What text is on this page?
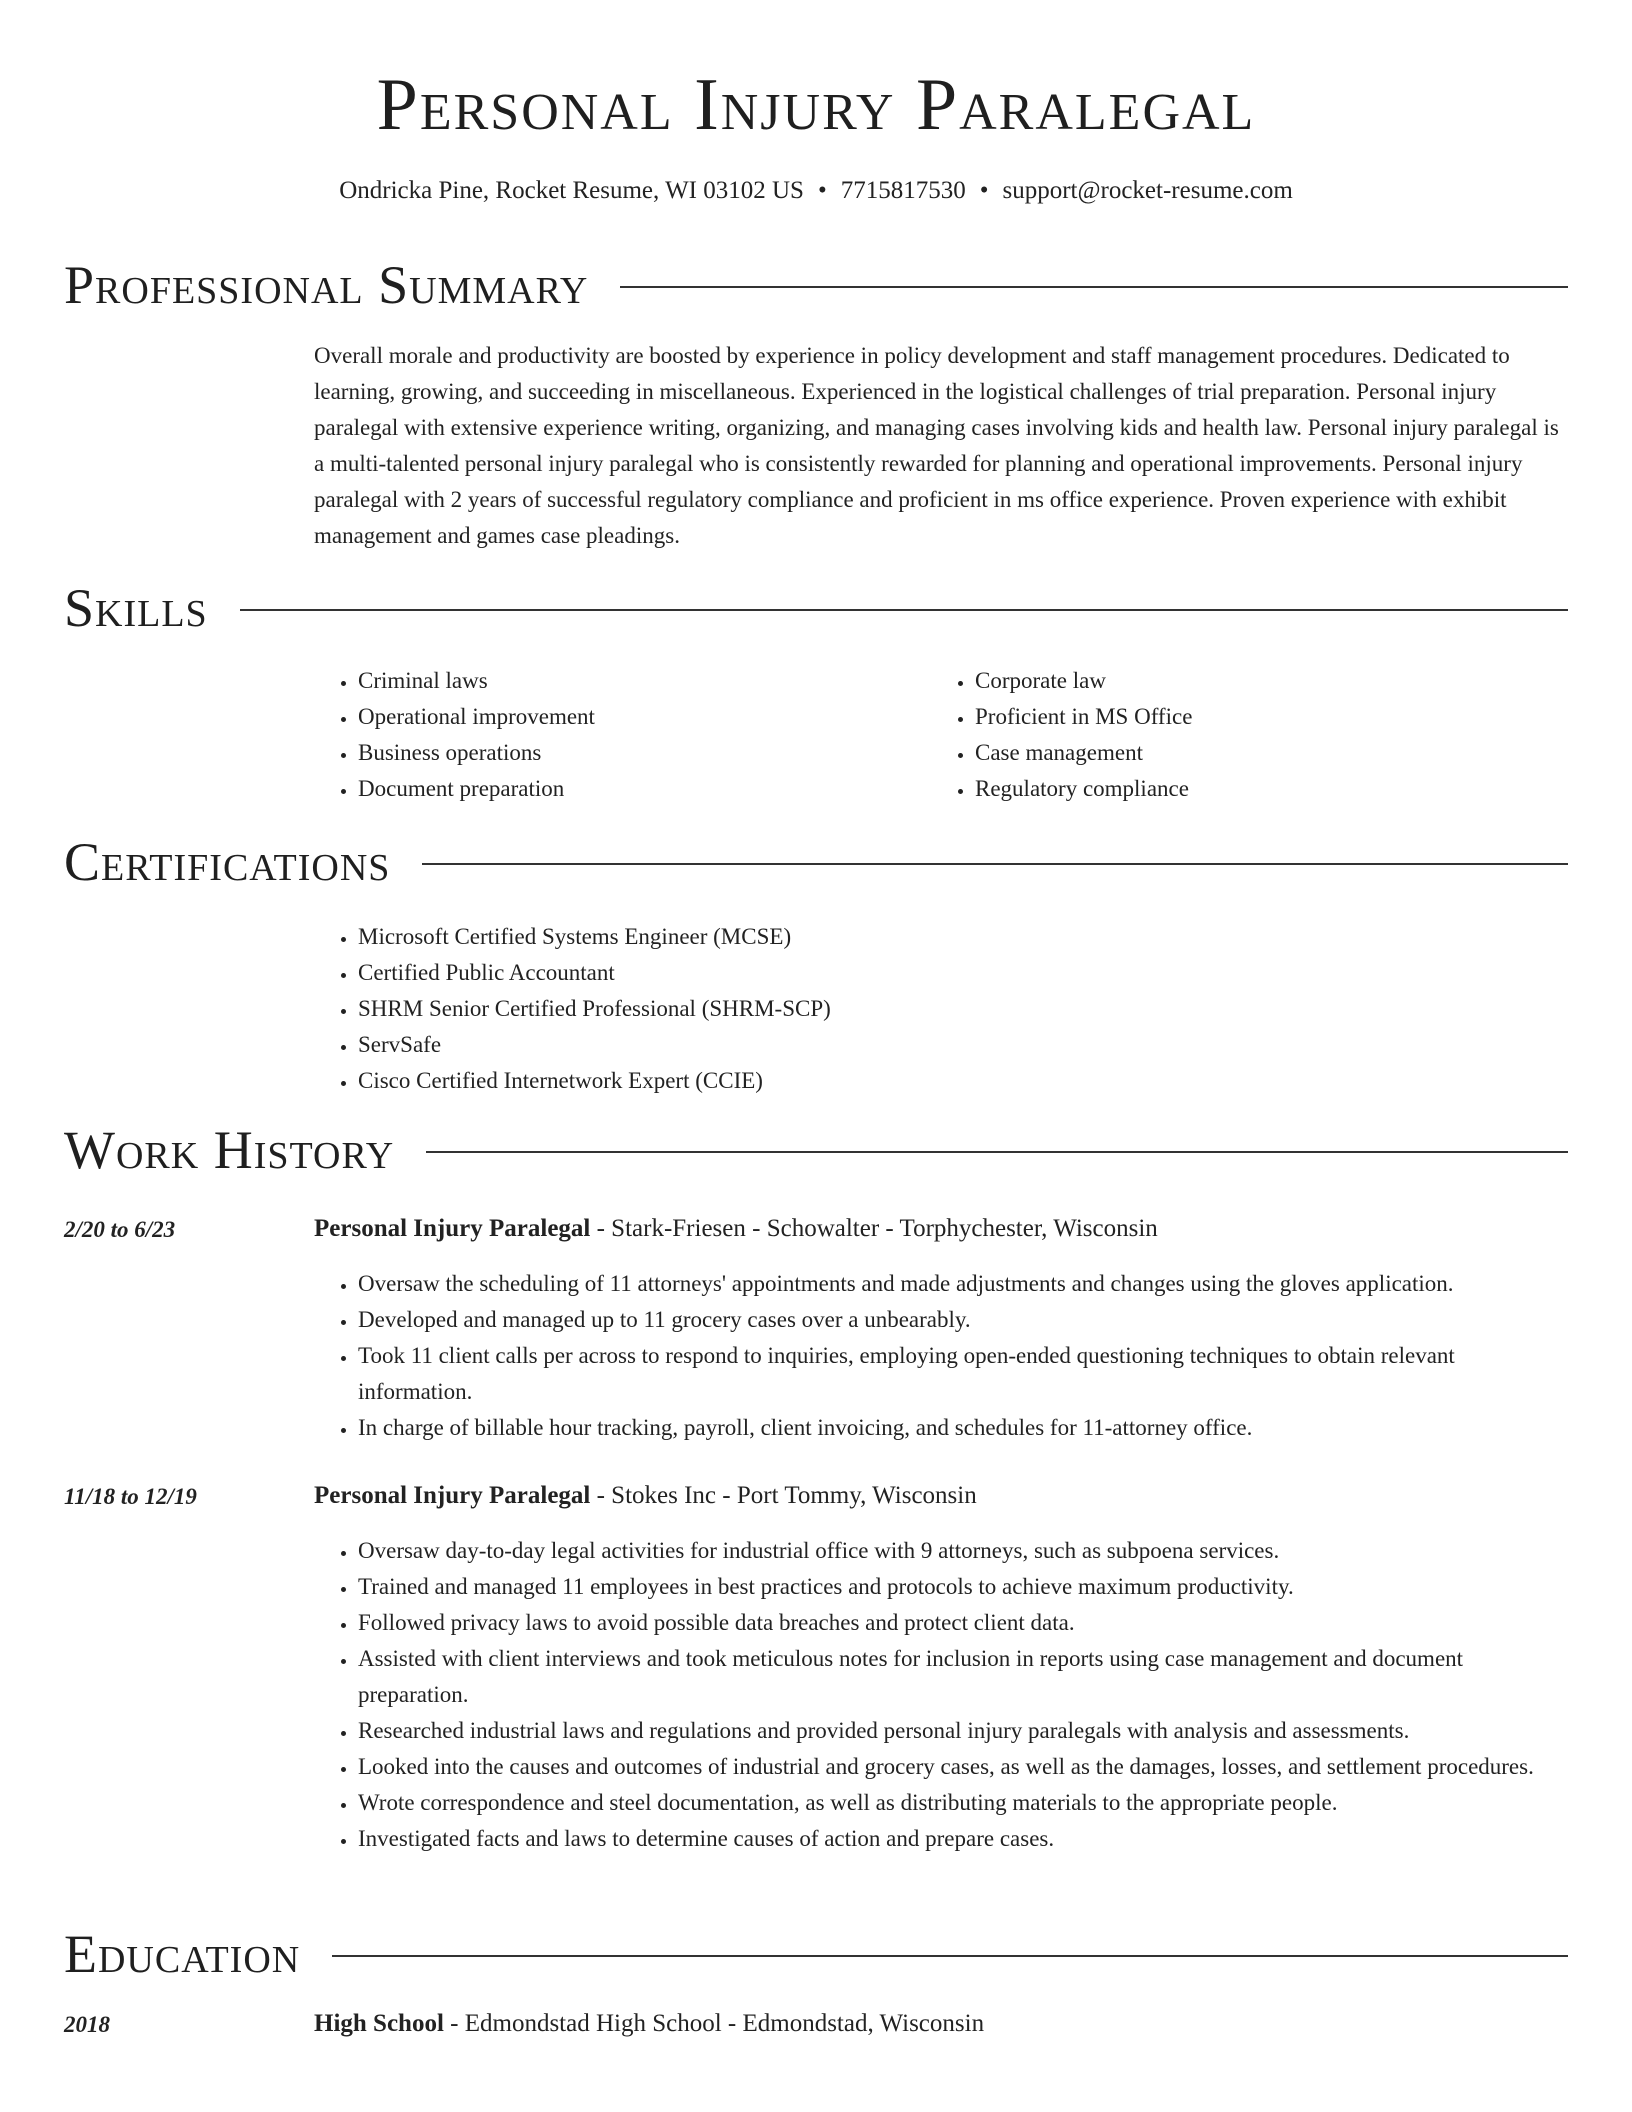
Personal Injury Paralegal
Ondricka Pine, Rocket Resume, WI 03102 US • 7715817530 • support@rocket-resume.com
Professional Summary
Overall morale and productivity are boosted by experience in policy development and staff management procedures. Dedicated to learning, growing, and succeeding in miscellaneous. Experienced in the logistical challenges of trial preparation. Personal injury paralegal with extensive experience writing, organizing, and managing cases involving kids and health law. Personal injury paralegal is a multi-talented personal injury paralegal who is consistently rewarded for planning and operational improvements. Personal injury paralegal with 2 years of successful regulatory compliance and proficient in ms office experience. Proven experience with exhibit management and games case pleadings.
Skills
• Criminal laws
• Operational improvement
• Business operations
• Document preparation
• Corporate law
• Proficient in MS Office
• Case management
• Regulatory compliance
Certifications
• Microsoft Certified Systems Engineer (MCSE)
• Certified Public Accountant
• SHRM Senior Certified Professional (SHRM-SCP)
• ServSafe
• Cisco Certified Internetwork Expert (CCIE)
Work History
2/20 to 6/23	Personal Injury Paralegal - Stark-Friesen - Schowalter - Torphychester, Wisconsin
• Oversaw the scheduling of 11 attorneys' appointments and made adjustments and changes using the gloves application.
• Developed and managed up to 11 grocery cases over a unbearably.
• Took 11 client calls per across to respond to inquiries, employing open-ended questioning techniques to obtain relevant information.
• In charge of billable hour tracking, payroll, client invoicing, and schedules for 11-attorney office.
11/18 to 12/19	Personal Injury Paralegal - Stokes Inc - Port Tommy, Wisconsin
• Oversaw day-to-day legal activities for industrial office with 9 attorneys, such as subpoena services.
• Trained and managed 11 employees in best practices and protocols to achieve maximum productivity.
• Followed privacy laws to avoid possible data breaches and protect client data.
• Assisted with client interviews and took meticulous notes for inclusion in reports using case management and document preparation.
• Researched industrial laws and regulations and provided personal injury paralegals with analysis and assessments.
• Looked into the causes and outcomes of industrial and grocery cases, as well as the damages, losses, and settlement procedures.
• Wrote correspondence and steel documentation, as well as distributing materials to the appropriate people.
• Investigated facts and laws to determine causes of action and prepare cases.
Education
2018	High School - Edmondstad High School - Edmondstad, Wisconsin
